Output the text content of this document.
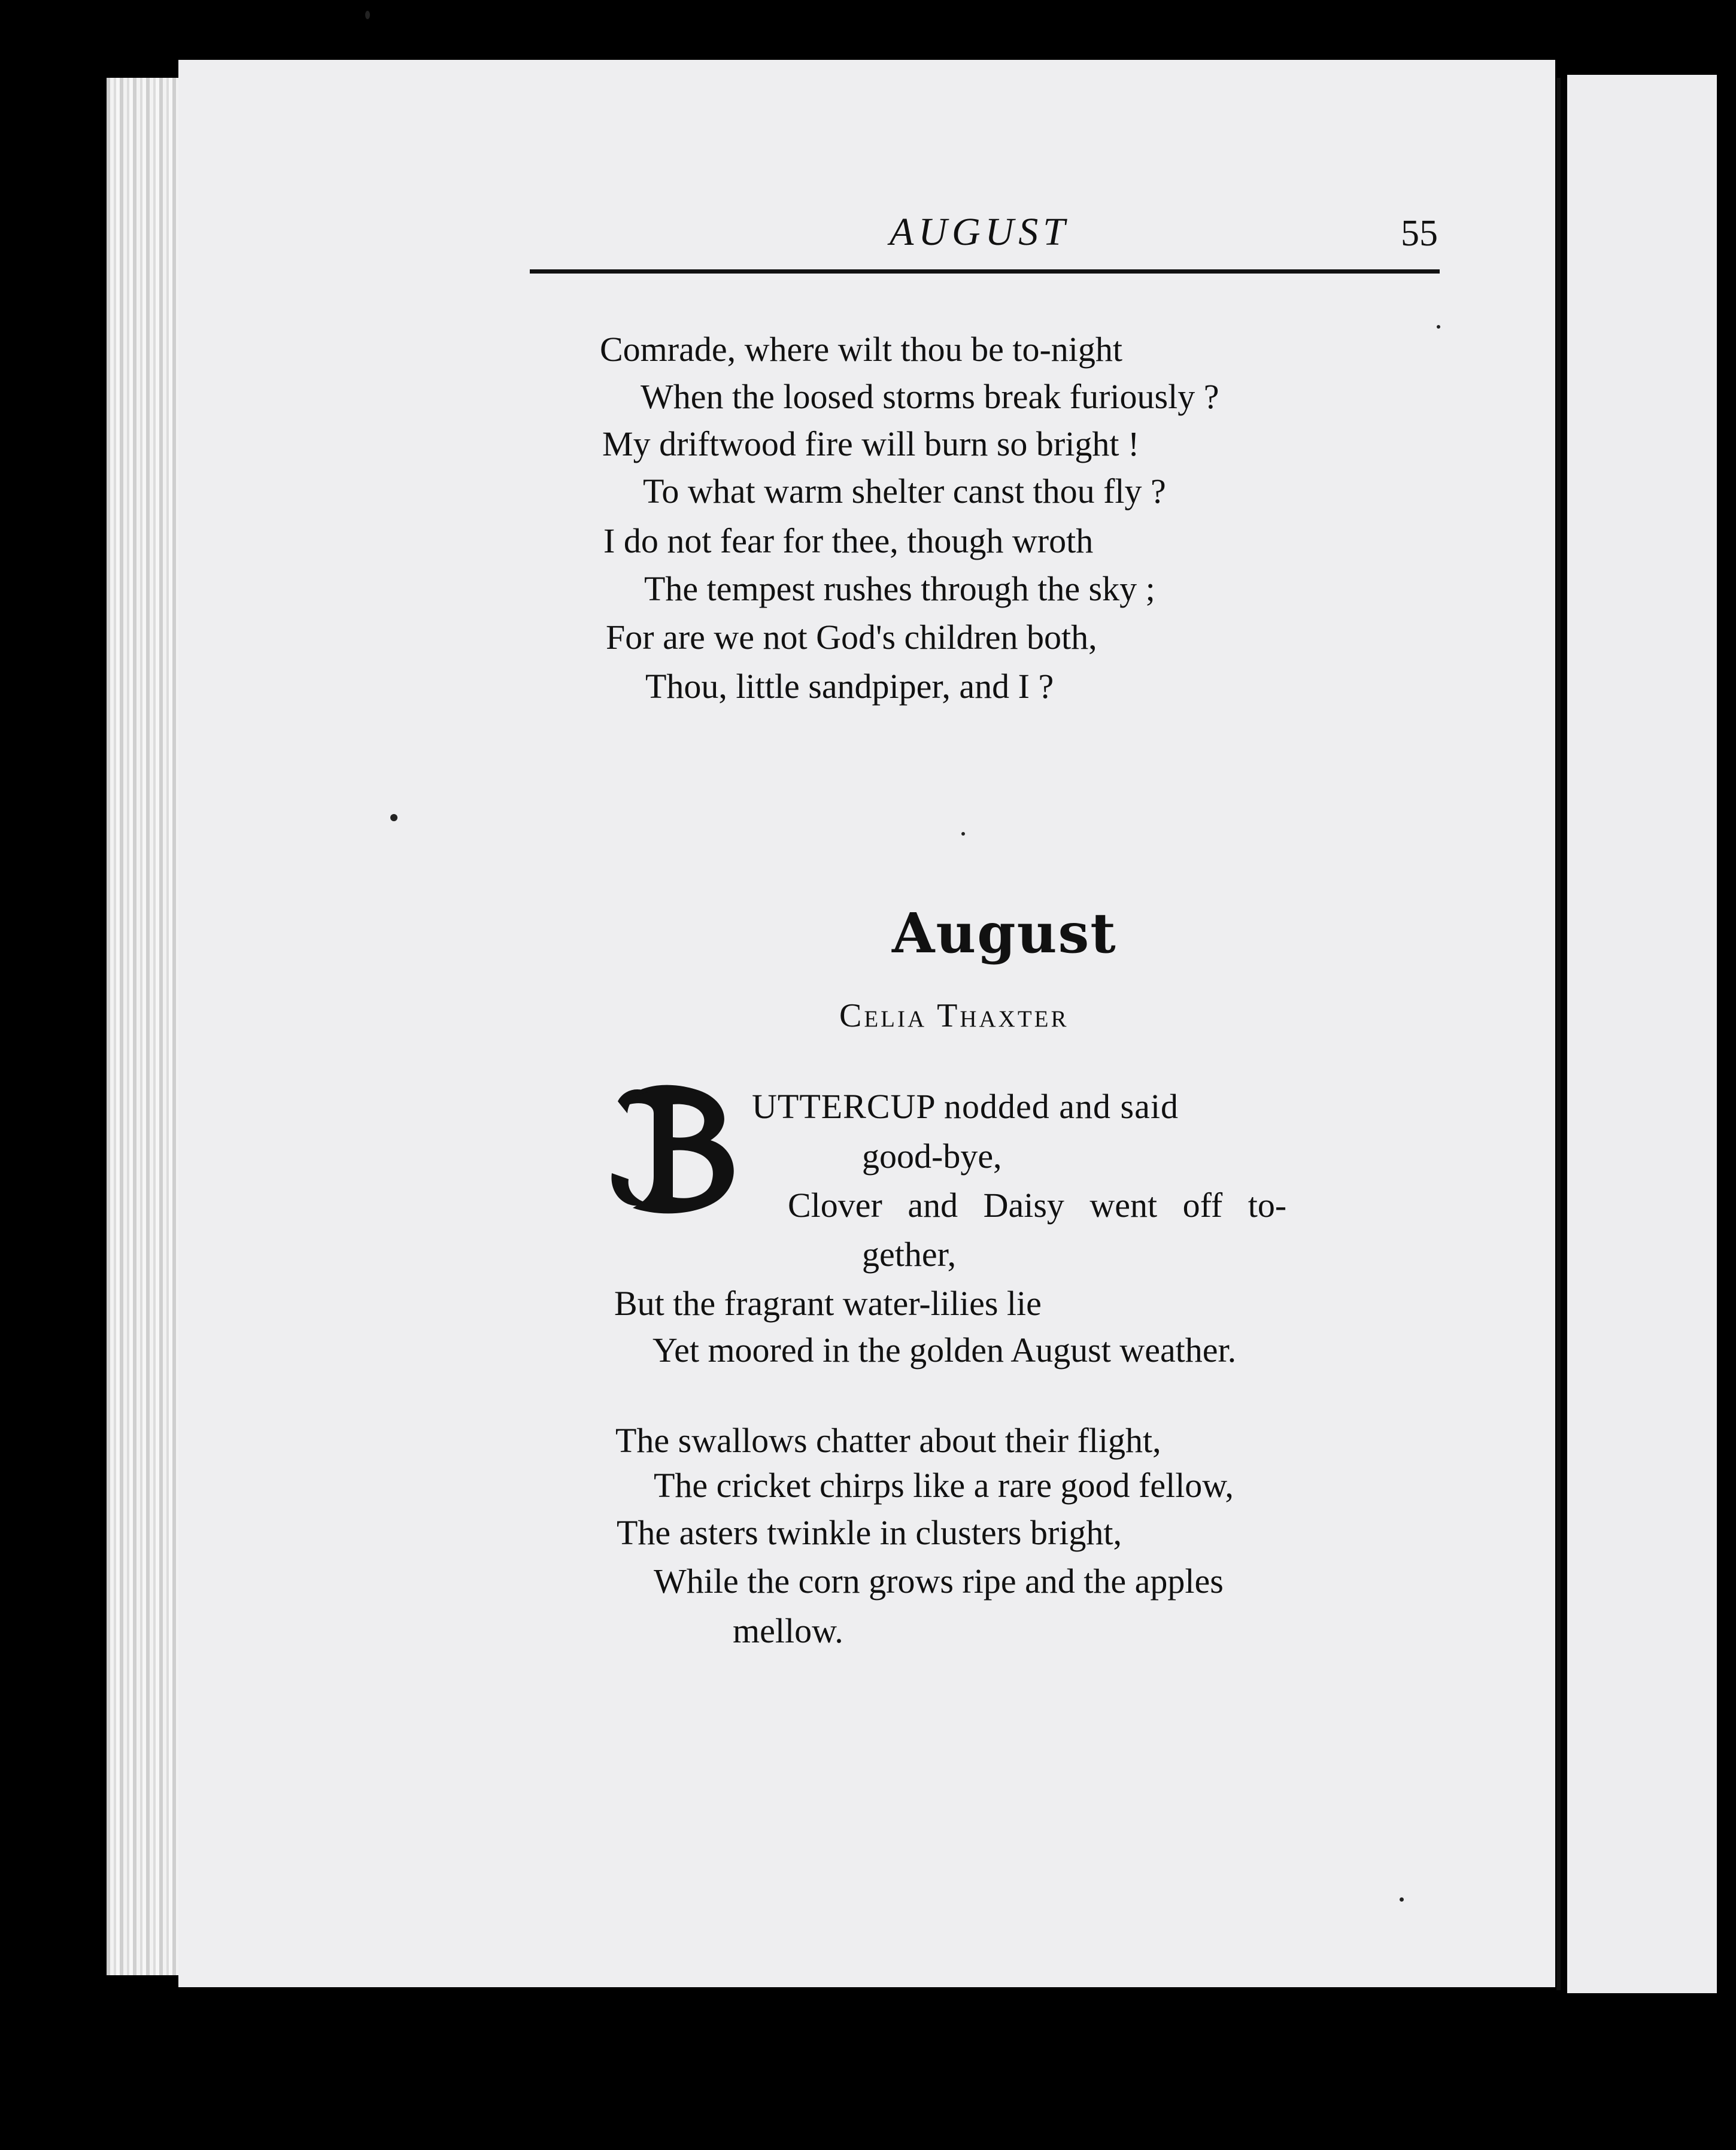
AUGUST	55
Comrade, where wilt thou be to-night
When the loosed storms break furiously ?
My driftwood fire will burn so bright !
To what warm shelter canst thou fly ?
I do not fear for thee, though wroth
The tempest rushes through the sky ;
For are we not God's children both,
Thou, little sandpiper, and I ?
August
Celia Thaxter
UTTERCUP nodded and said
good-bye,
Clover and Daisy went off to-
gether,
But the fragrant water-lilies lie
Yet moored in the golden August weather.
The swallows chatter about their flight,
The cricket chirps like a rare good fellow,
The asters twinkle in clusters bright,
While the corn grows ripe and the apples
mellow.
